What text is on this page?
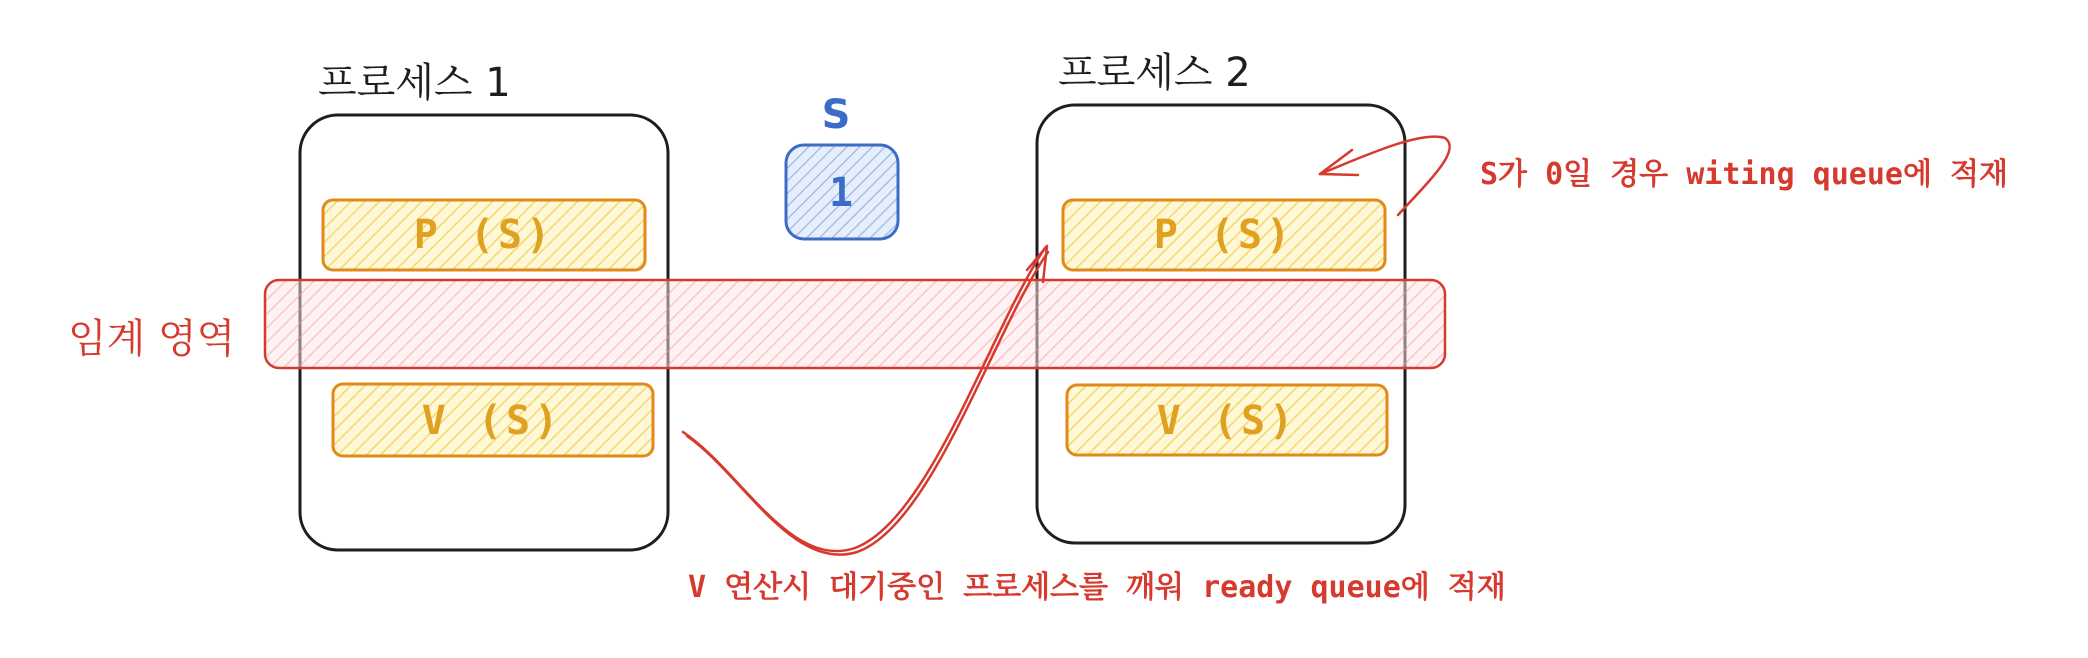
프로세스 1
P (S)
V (S)
프로세스 2
P (S)
V (S)
S
1
임계 영역
S가 0일 경우 witing queue에 적재
V 연산시 대기중인 프로세스를 깨워 ready queue에 적재
